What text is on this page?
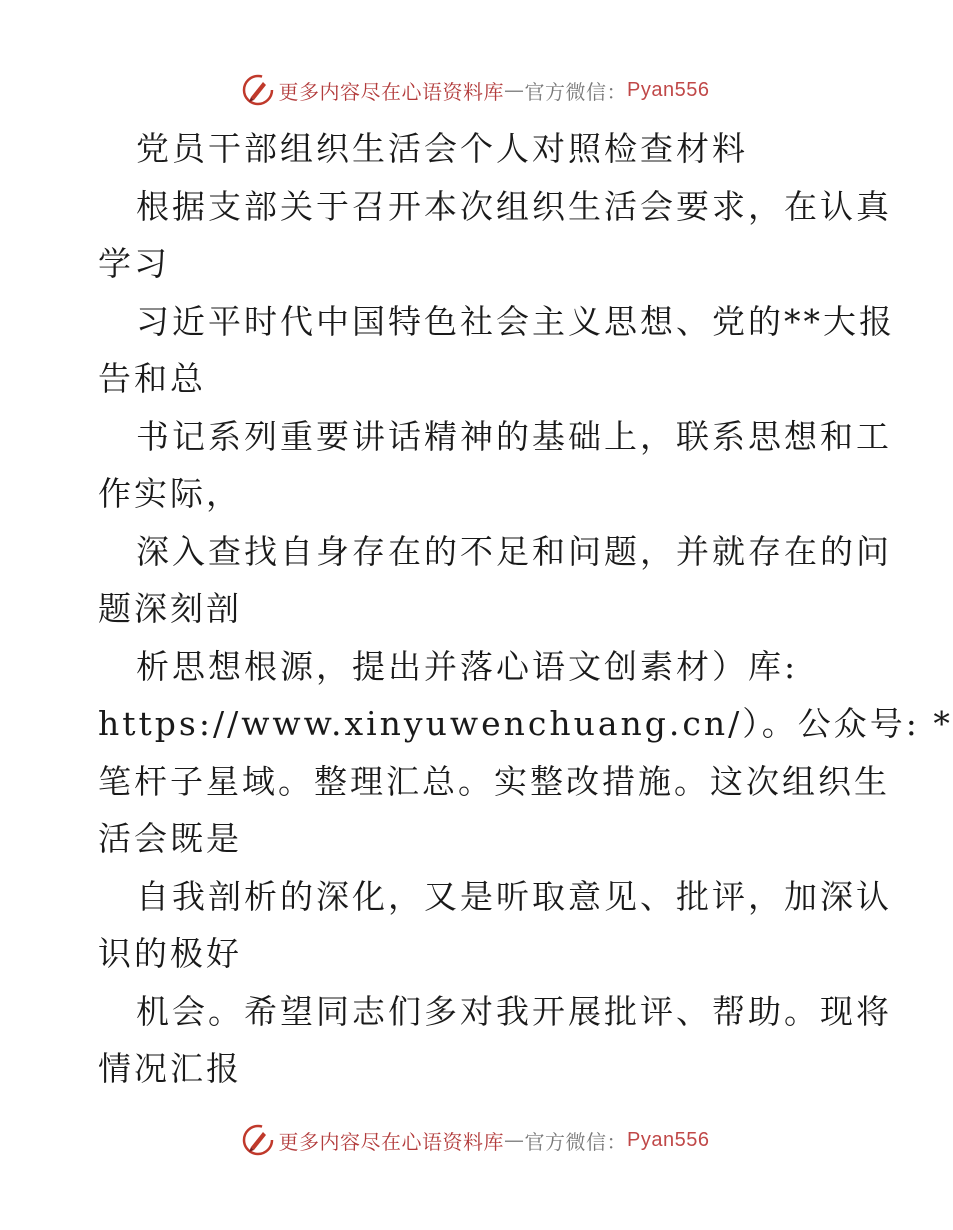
更多内容尽在心语资料库 — 官方微信： Pyan556
党员干部组织生活会个人对照检查材料
根据支部关于召开本次组织生活会要求，在认真
学习
习近平时代中国特色社会主义思想、党的**大报
告和总
书记系列重要讲话精神的基础上，联系思想和工
作实际，
深入查找自身存在的不足和问题，并就存在的问
题深刻剖
析思想根源，提出并落心语文创素材）库:
https://www.xinyuwenchuang.cn/）。公众号: *
笔杆子星域。整理汇总。实整改措施。这次组织生
活会既是
自我剖析的深化，又是听取意见、批评，加深认
识的极好
机会。希望同志们多对我开展批评、帮助。现将
情况汇报
更多内容尽在心语资料库 — 官方微信： Pyan556
